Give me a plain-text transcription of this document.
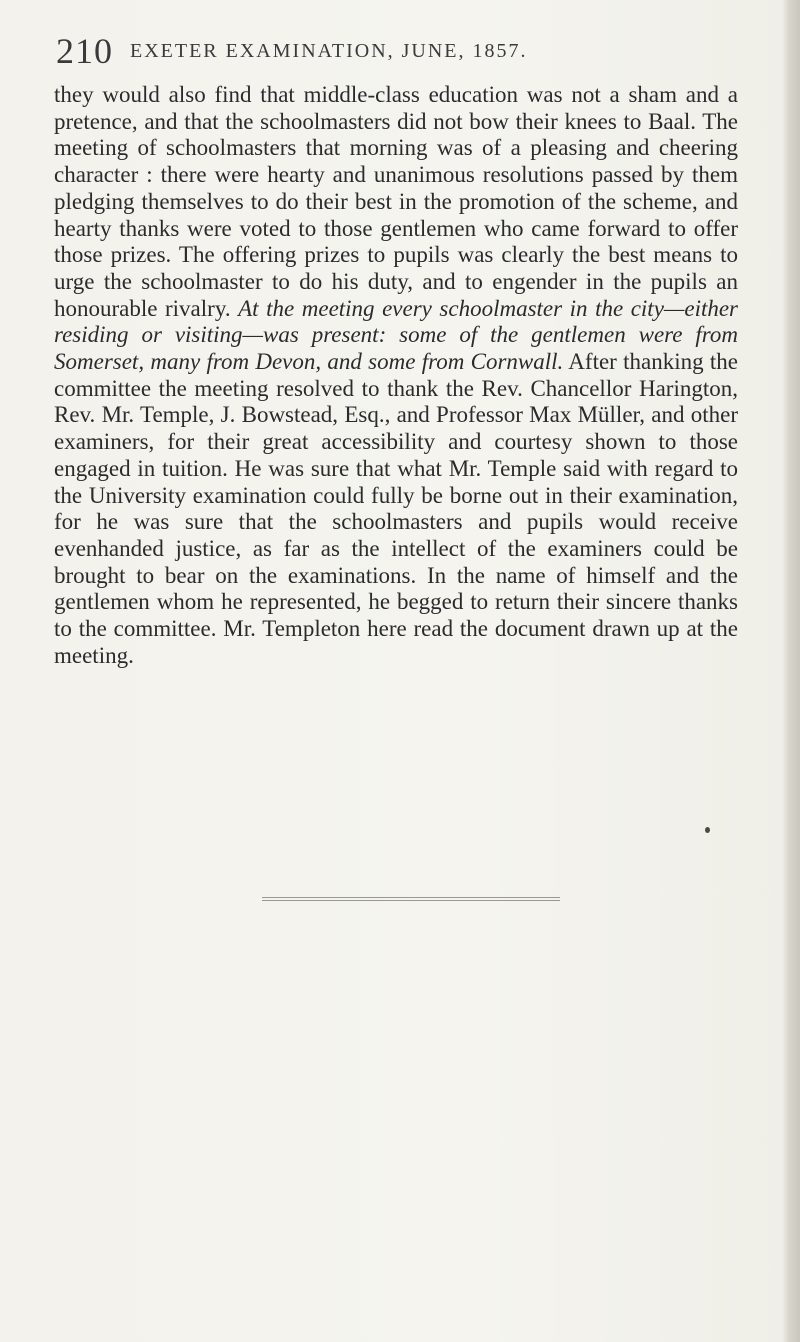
210 EXETER EXAMINATION, JUNE, 1857.
they would also find that middle-class education was not a sham and a pretence, and that the schoolmasters did not bow their knees to Baal. The meeting of schoolmasters that morning was of a pleasing and cheering character : there were hearty and unanimous resolutions passed by them pledging themselves to do their best in the promotion of the scheme, and hearty thanks were voted to those gentlemen who came forward to offer those prizes. The offering prizes to pupils was clearly the best means to urge the schoolmaster to do his duty, and to engender in the pupils an honourable rivalry. At the meeting every schoolmaster in the city—either residing or visiting—was present: some of the gentlemen were from Somerset, many from Devon, and some from Cornwall. After thanking the committee the meeting resolved to thank the Rev. Chancellor Harington, Rev. Mr. Temple, J. Bowstead, Esq., and Professor Max Müller, and other examiners, for their great accessibility and courtesy shown to those engaged in tuition. He was sure that what Mr. Temple said with regard to the University examination could fully be borne out in their examination, for he was sure that the schoolmasters and pupils would receive evenhanded justice, as far as the intellect of the examiners could be brought to bear on the examinations. In the name of himself and the gentlemen whom he represented, he begged to return their sincere thanks to the committee. Mr. Templeton here read the document drawn up at the meeting.
